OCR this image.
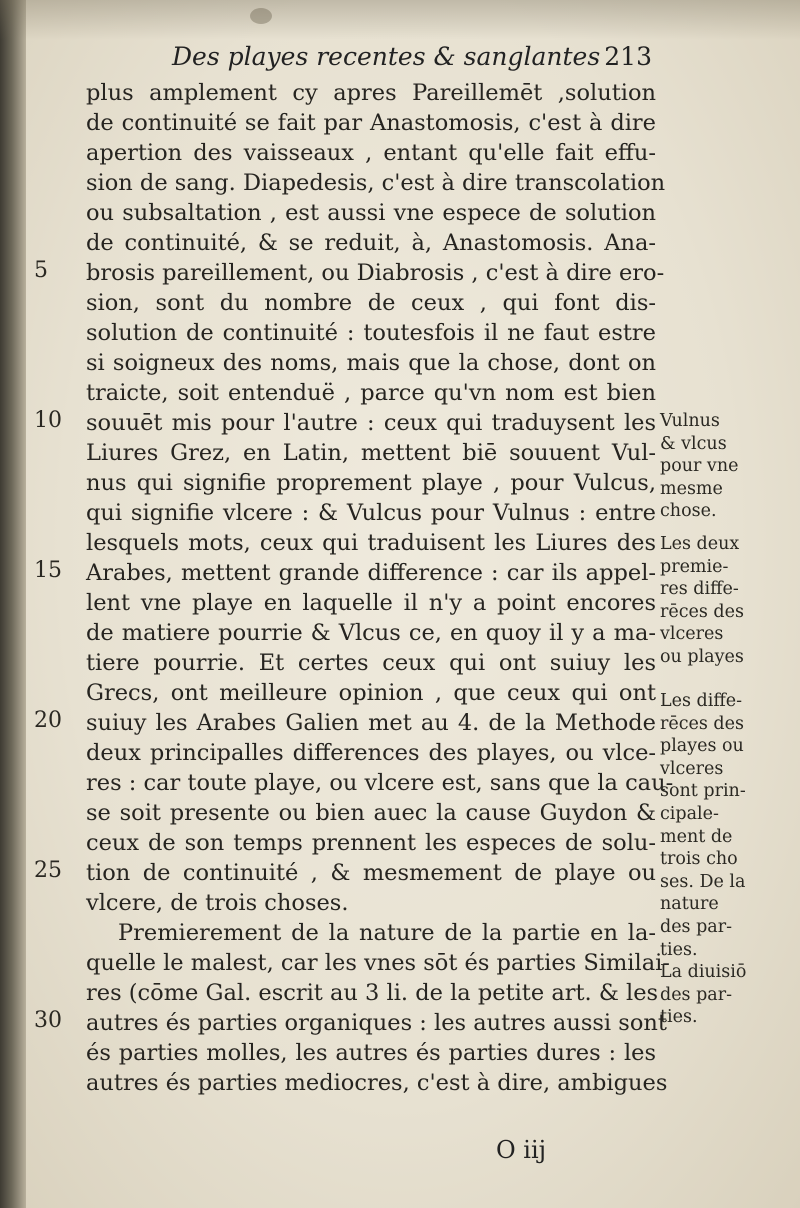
Des playes recentes & sanglantes 213
plus amplement cy apres Pareillemēt ,solution
de continuité se fait par Anastomosis, c'est à dire
apertion des vaisseaux , entant qu'elle fait effu-
sion de sang. Diapedesis, c'est à dire transcolation
ou subsaltation , est aussi vne espece de solution
de continuité, & se reduit, à, Anastomosis. Ana-
brosis pareillement, ou Diabrosis , c'est à dire ero-
sion, sont du nombre de ceux , qui font dis-
solution de continuité : toutesfois il ne faut estre
si soigneux des noms, mais que la chose, dont on
traicte, soit entenduë , parce qu'vn nom est bien
souuēt mis pour l'autre : ceux qui traduysent les
Liures Grez, en Latin, mettent biē souuent Vul-
nus qui signifie proprement playe , pour Vulcus,
qui signifie vlcere : & Vulcus pour Vulnus : entre
lesquels mots, ceux qui traduisent les Liures des
Arabes, mettent grande difference : car ils appel-
lent vne playe en laquelle il n'y a point encores
de matiere pourrie & Vlcus ce, en quoy il y a ma-
tiere pourrie. Et certes ceux qui ont suiuy les
Grecs, ont meilleure opinion , que ceux qui ont
suiuy les Arabes Galien met au 4. de la Methode
deux principalles differences des playes, ou vlce-
res : car toute playe, ou vlcere est, sans que la cau-
se soit presente ou bien auec la cause Guydon &
ceux de son temps prennent les especes de solu-
tion de continuité , & mesmement de playe ou
vlcere, de trois choses.
Premierement de la nature de la partie en la-
quelle le malest, car les vnes sōt és parties Similai-
res (cōme Gal. escrit au 3 li. de la petite art. & les
autres és parties organiques : les autres aussi sont
és parties molles, les autres és parties dures : les
autres és parties mediocres, c'est à dire, ambigues
5
10
15
20
25
30
Vulnus
& vlcus
pour vne
mesme
chose.
Les deux
premie-
res diffe-
rēces des
vlceres
ou playes
Les diffe-
rēces des
playes ou
vlceres
sont prin-
cipale-
ment de
trois cho
ses. De la
nature
des par-
ties.
La diuisiō
des par-
ties.
O iij
